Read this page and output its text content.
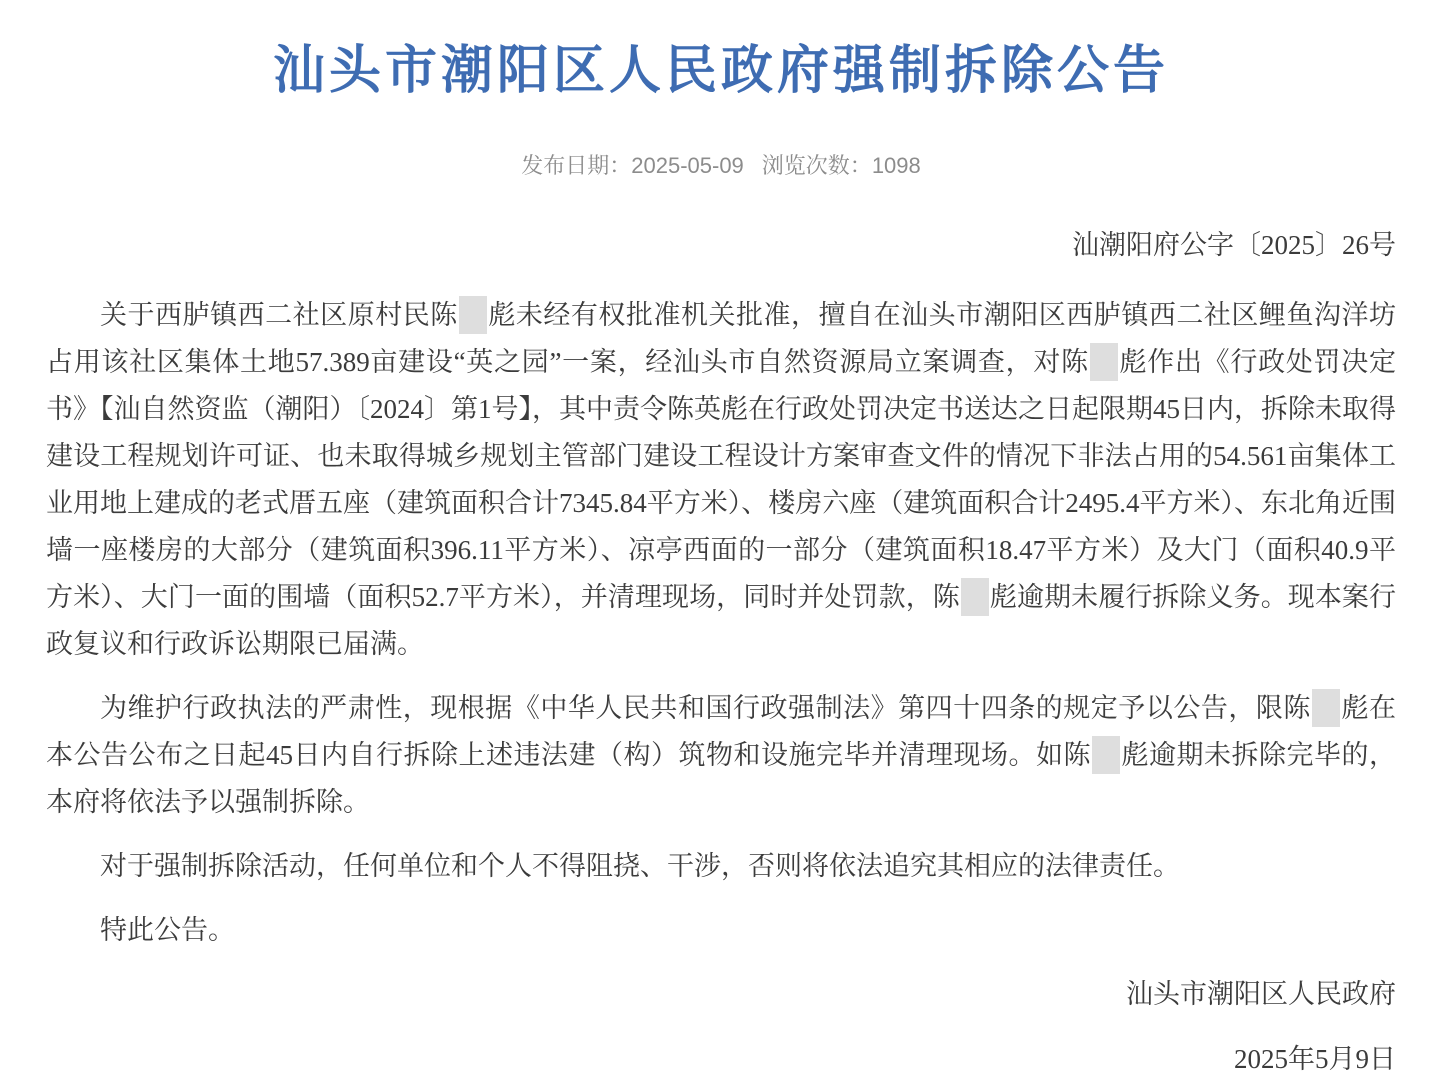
汕头市潮阳区人民政府强制拆除公告
发布日期：2025-05-09 浏览次数：1098
汕潮阳府公字〔2025〕26号

关于西胪镇西二社区原村民陈 彪未经有权批准机关批准，擅自在汕头市潮阳区西胪镇西二社区鲤鱼沟洋坊占用该社区集体土地57.389亩建设“英之园”一案，经汕头市自然资源局立案调查，对陈 彪作出《行政处罚决定书》【汕自然资监（潮阳）〔2024〕第1号】，其中责令陈英彪在行政处罚决定书送达之日起限期45日内，拆除未取得建设工程规划许可证、也未取得城乡规划主管部门建设工程设计方案审查文件的情况下非法占用的54.561亩集体工业用地上建成的老式厝五座（建筑面积合计7345.84平方米）、楼房六座（建筑面积合计2495.4平方米）、东北角近围墙一座楼房的大部分（建筑面积396.11平方米）、凉亭西面的一部分（建筑面积18.47平方米）及大门（面积40.9平方米）、大门一面的围墙（面积52.7平方米），并清理现场，同时并处罚款，陈 彪逾期未履行拆除义务。现本案行政复议和行政诉讼期限已届满。

为维护行政执法的严肃性，现根据《中华人民共和国行政强制法》第四十四条的规定予以公告，限陈 彪在本公告公布之日起45日内自行拆除上述违法建（构）筑物和设施完毕并清理现场。如陈 彪逾期未拆除完毕的，本府将依法予以强制拆除。

对于强制拆除活动，任何单位和个人不得阻挠、干涉，否则将依法追究其相应的法律责任。

特此公告。

汕头市潮阳区人民政府
2025年5月9日
